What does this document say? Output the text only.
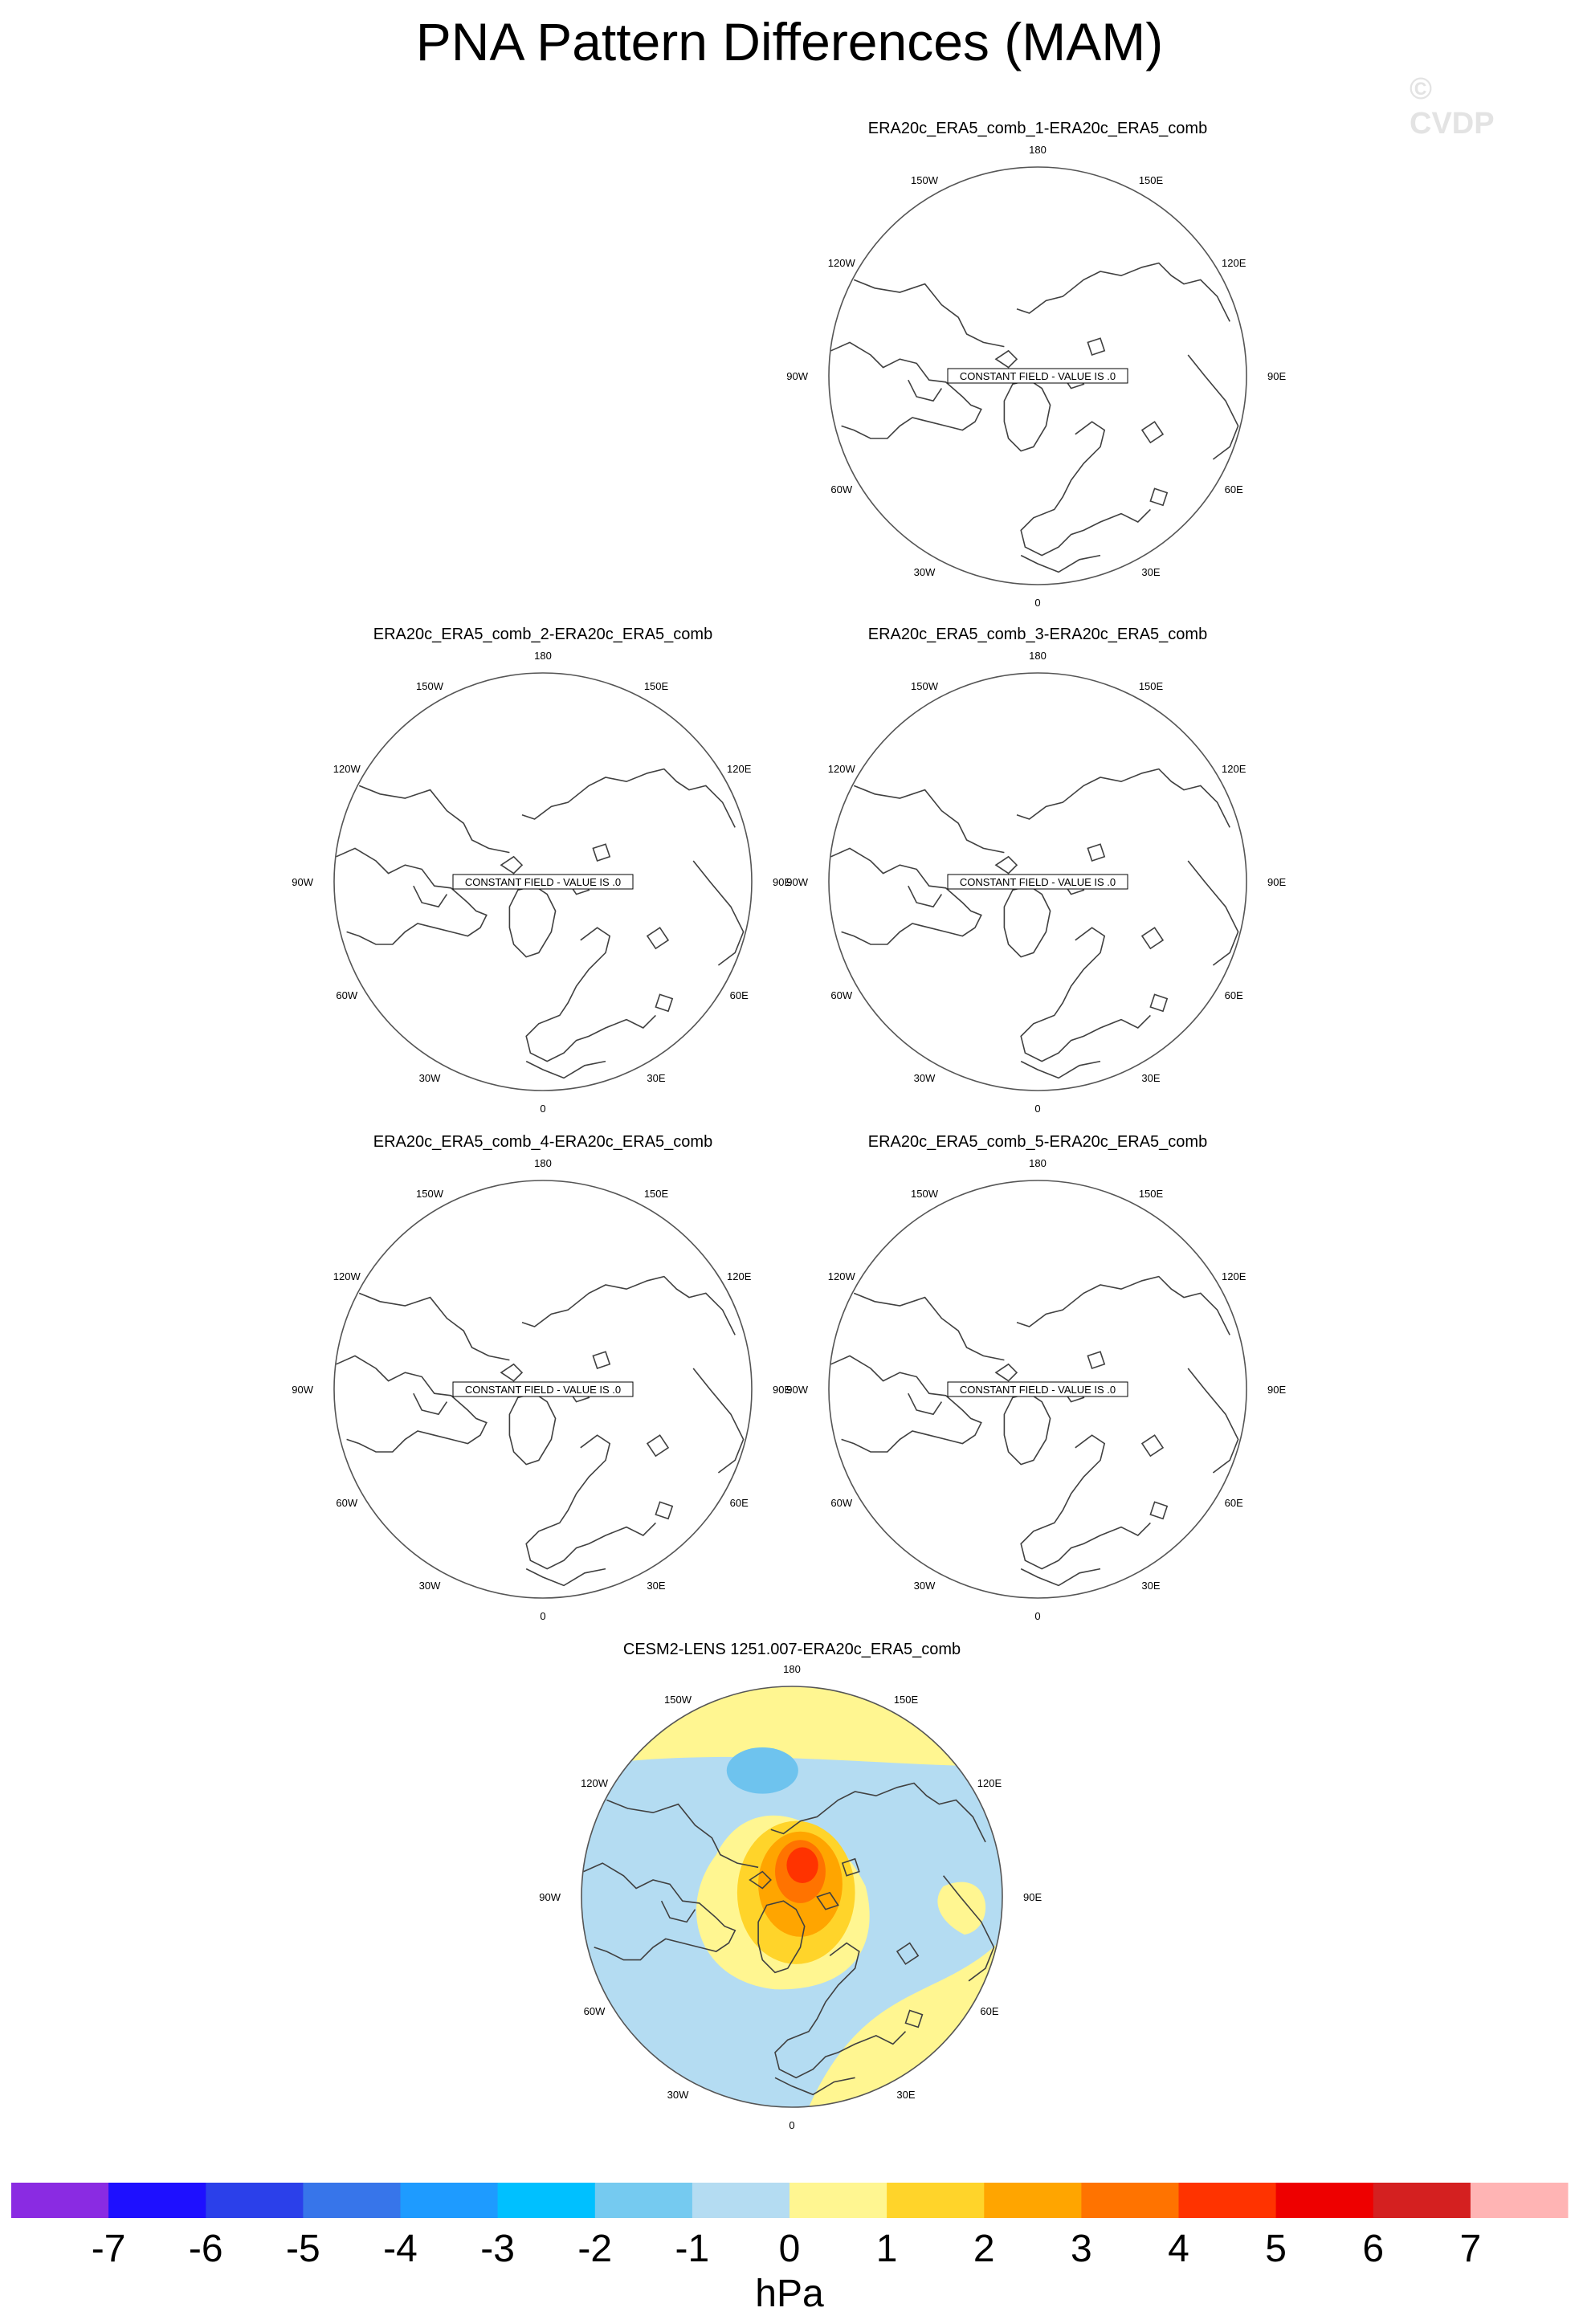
PNA Pattern Differences (MAM)
© CVDP
ERA20c_ERA5_comb_1-ERA20c_ERA5_comb
180
150E
120E
90E
60E
30E
0
30W
60W
90W
120W
150W
CONSTANT FIELD - VALUE IS .0
ERA20c_ERA5_comb_2-ERA20c_ERA5_comb
180
150E
120E
90E
60E
30E
0
30W
60W
90W
120W
150W
CONSTANT FIELD - VALUE IS .0
ERA20c_ERA5_comb_3-ERA20c_ERA5_comb
180
150E
120E
90E
60E
30E
0
30W
60W
90W
120W
150W
CONSTANT FIELD - VALUE IS .0
ERA20c_ERA5_comb_4-ERA20c_ERA5_comb
180
150E
120E
90E
60E
30E
0
30W
60W
90W
120W
150W
CONSTANT FIELD - VALUE IS .0
ERA20c_ERA5_comb_5-ERA20c_ERA5_comb
180
150E
120E
90E
60E
30E
0
30W
60W
90W
120W
150W
CONSTANT FIELD - VALUE IS .0
CESM2-LENS 1251.007-ERA20c_ERA5_comb
180
150E
120E
90E
60E
30E
0
30W
60W
90W
120W
150W
-7 -6 -5 -4 -3 -2 -1 0 1 2 3 4 5 6 7
hPa
